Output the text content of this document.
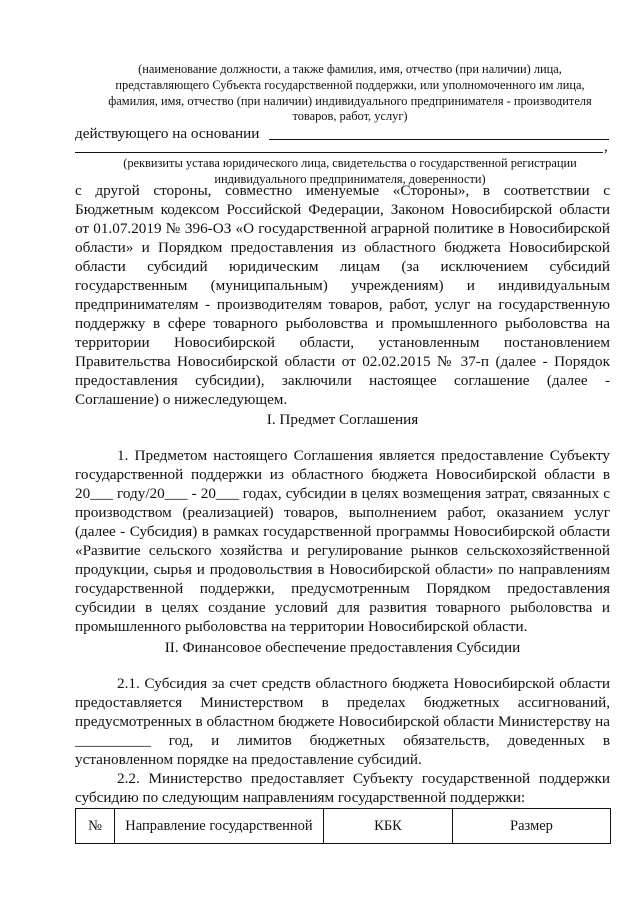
(наименование должности, а также фамилия, имя, отчество (при наличии) лица,
представляющего Субъекта государственной поддержки, или уполномоченного им лица,
фамилия, имя, отчество (при наличии) индивидуального предпринимателя - производителя
товаров, работ, услуг)
действующего на основании
,
(реквизиты устава юридического лица, свидетельства о государственной регистрации
индивидуального предпринимателя, доверенности)

с другой стороны, совместно именуемые «Стороны», в соответствии с

Бюджетным кодексом Российской Федерации, Законом Новосибирской области

от 01.07.2019 № 396-ОЗ «О государственной аграрной политике в Новосибирской

области» и Порядком предоставления из областного бюджета Новосибирской

области субсидий юридическим лицам (за исключением субсидий

государственным (муниципальным) учреждениям) и индивидуальным

предпринимателям - производителям товаров, работ, услуг на государственную

поддержку в сфере товарного рыболовства и промышленного рыболовства на

территории Новосибирской области, установленным постановлением

Правительства Новосибирской области от 02.02.2015 № 37-п (далее - Порядок

предоставления субсидии), заключили настоящее соглашение (далее -

Соглашение) о нижеследующем.

I. Предмет Соглашения

1. Предметом настоящего Соглашения является предоставление Субъекту

государственной поддержки из областного бюджета Новосибирской области в

20___ году/20___ - 20___ годах, субсидии в целях возмещения затрат, связанных с

производством (реализацией) товаров, выполнением работ, оказанием услуг

(далее - Субсидия) в рамках государственной программы Новосибирской области

«Развитие сельского хозяйства и регулирование рынков сельскохозяйственной

продукции, сырья и продовольствия в Новосибирской области» по направлениям

государственной поддержки, предусмотренным Порядком предоставления

субсидии в целях создание условий для развития товарного рыболовства и

промышленного рыболовства на территории Новосибирской области.

II. Финансовое обеспечение предоставления Субсидии

2.1. Субсидия за счет средств областного бюджета Новосибирской области

предоставляется Министерством в пределах бюджетных ассигнований,

предусмотренных в областном бюджете Новосибирской области Министерству на

__________ год, и лимитов бюджетных обязательств, доведенных в

установленном порядке на предоставление субсидий.

2.2. Министерство предоставляет Субъекту государственной поддержки

субсидию по следующим направлениям государственной поддержки:

№	Направление государственной	КБК	Размер
